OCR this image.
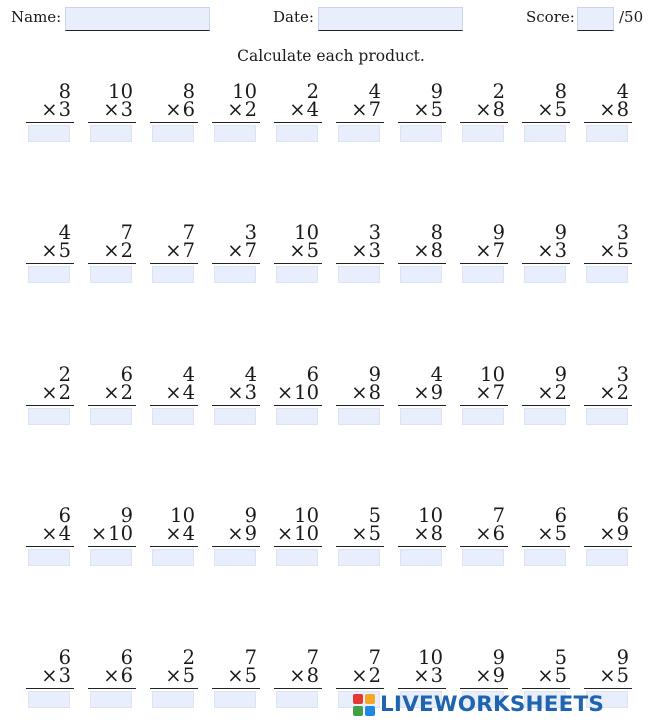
Name:	Date:	Score:	/50
Calculate each product.
8
×3
10
×3
8
×6
10
×2
2
×4
4
×7
9
×5
2
×8
8
×5
4
×8
4
×5
7
×2
7
×7
3
×7
10
×5
3
×3
8
×8
9
×7
9
×3
3
×5
2
×2
6
×2
4
×4
4
×3
6
×10
9
×8
4
×9
10
×7
9
×2
3
×2
6
×4
9
×10
10
×4
9
×9
10
×10
5
×5
10
×8
7
×6
6
×5
6
×9
6
×3
6
×6
2
×5
7
×5
7
×8
7
×2
10
×3
9
×9
5
×5
9
×5
LIVEWORKSHEETS
